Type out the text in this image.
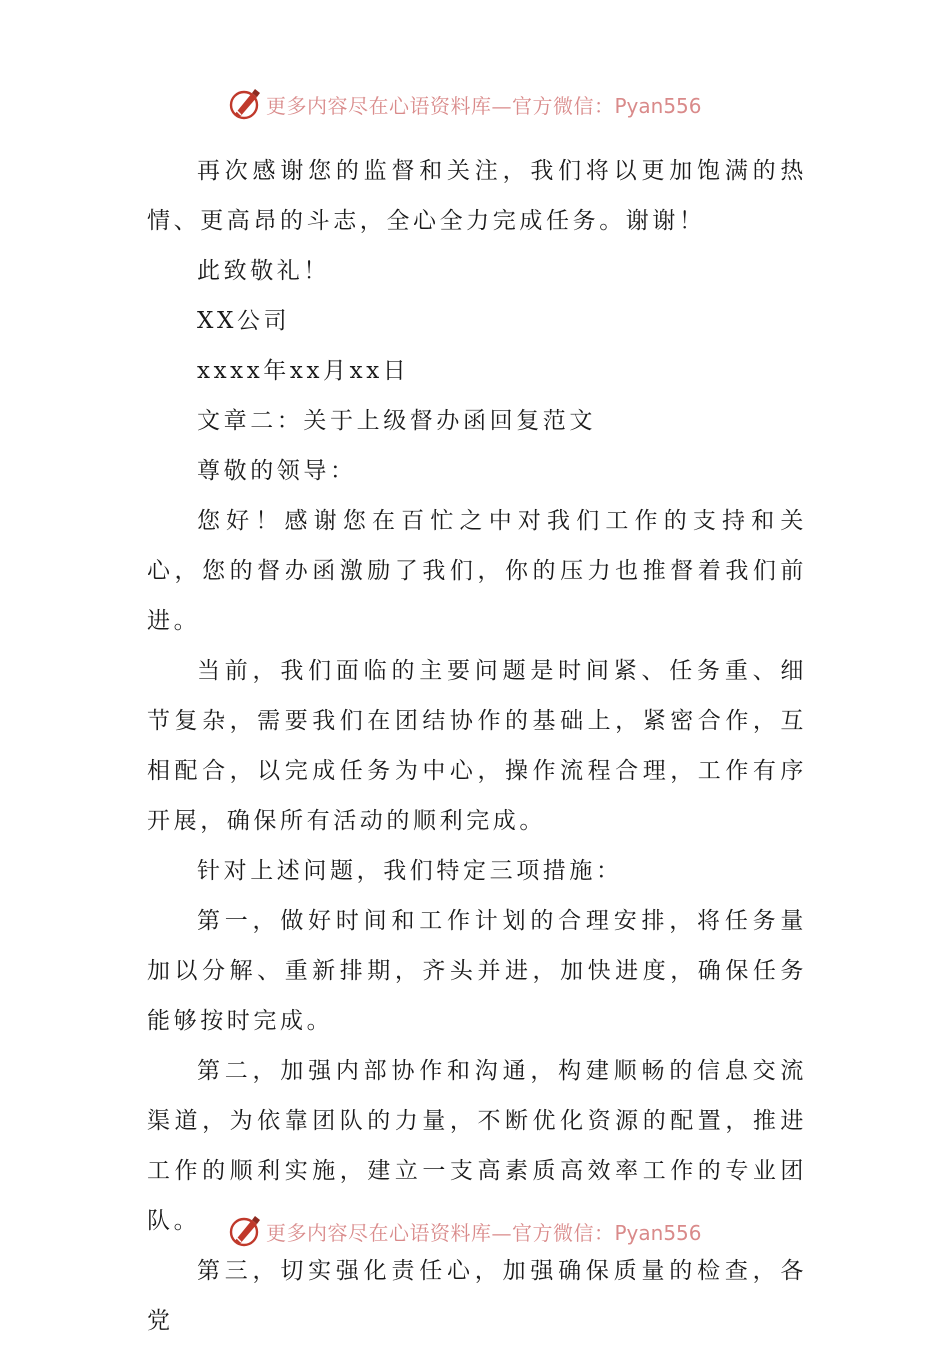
更多内容尽在心语资料库—官方微信：Pyan556

再次感谢您的监督和关注，我们将以更加饱满的热情、更高昂的斗志，全心全力完成任务。谢谢！

此致敬礼！

XX公司

xxxx年xx月xx日

文章二：关于上级督办函回复范文

尊敬的领导：

您好！感谢您在百忙之中对我们工作的支持和关心，您的督办函激励了我们，你的压力也推督着我们前进。

当前，我们面临的主要问题是时间紧、任务重、细节复杂，需要我们在团结协作的基础上，紧密合作，互相配合，以完成任务为中心，操作流程合理，工作有序开展，确保所有活动的顺利完成。

针对上述问题，我们特定三项措施：

第一，做好时间和工作计划的合理安排，将任务量加以分解、重新排期，齐头并进，加快进度，确保任务能够按时完成。

第二，加强内部协作和沟通，构建顺畅的信息交流渠道，为依靠团队的力量，不断优化资源的配置，推进工作的顺利实施，建立一支高素质高效率工作的专业团队。

第三，切实强化责任心，加强确保质量的检查，各党

更多内容尽在心语资料库—官方微信：Pyan556
